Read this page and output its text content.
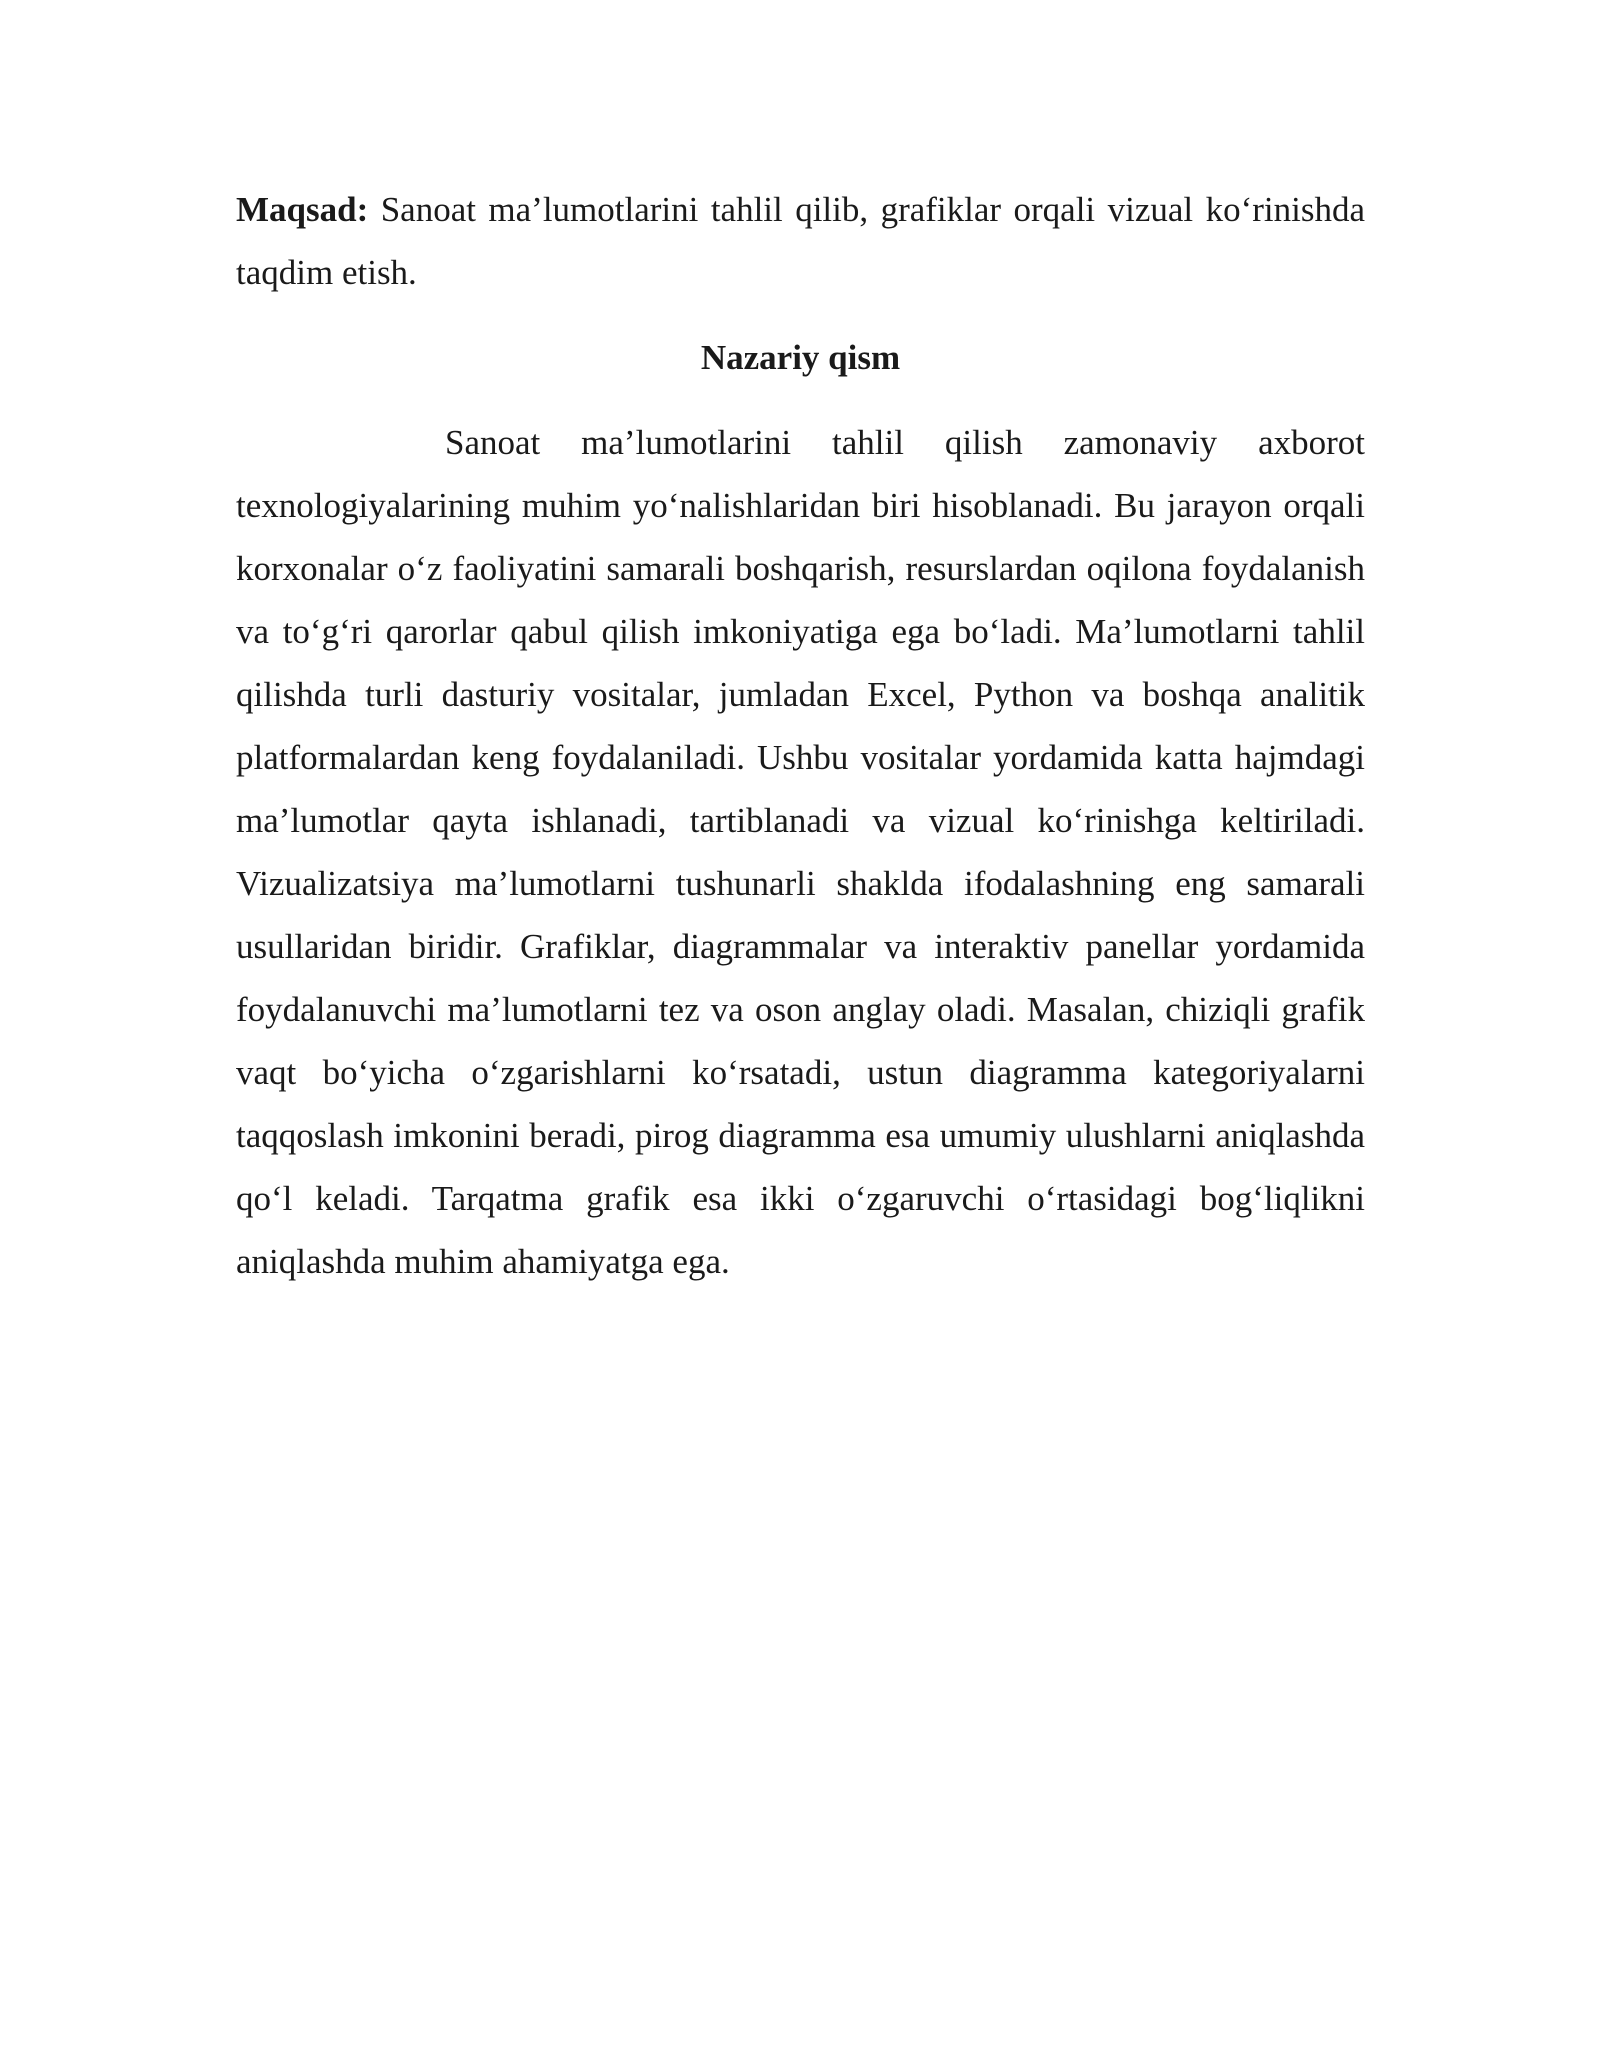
Maqsad: Sanoat ma’lumotlarini tahlil qilib, grafiklar orqali vizual ko‘rinishda taqdim etish.

Nazariy qism

Sanoat ma’lumotlarini tahlil qilish zamonaviy axborot texnologiyalarining muhim yo‘nalishlaridan biri hisoblanadi. Bu jarayon orqali korxonalar o‘z faoliyatini samarali boshqarish, resurslardan oqilona foydalanish va to‘g‘ri qarorlar qabul qilish imkoniyatiga ega bo‘ladi. Ma’lumotlarni tahlil qilishda turli dasturiy vositalar, jumladan Excel, Python va boshqa analitik platformalardan keng foydalaniladi. Ushbu vositalar yordamida katta hajmdagi ma’lumotlar qayta ishlanadi, tartiblanadi va vizual ko‘rinishga keltiriladi. Vizualizatsiya ma’lumotlarni tushunarli shaklda ifodalashning eng samarali usullaridan biridir. Grafiklar, diagrammalar va interaktiv panellar yordamida foydalanuvchi ma’lumotlarni tez va oson anglay oladi. Masalan, chiziqli grafik vaqt bo‘yicha o‘zgarishlarni ko‘rsatadi, ustun diagramma kategoriyalarni taqqoslash imkonini beradi, pirog diagramma esa umumiy ulushlarni aniqlashda qo‘l keladi. Tarqatma grafik esa ikki o‘zgaruvchi o‘rtasidagi bog‘liqlikni aniqlashda muhim ahamiyatga ega.
